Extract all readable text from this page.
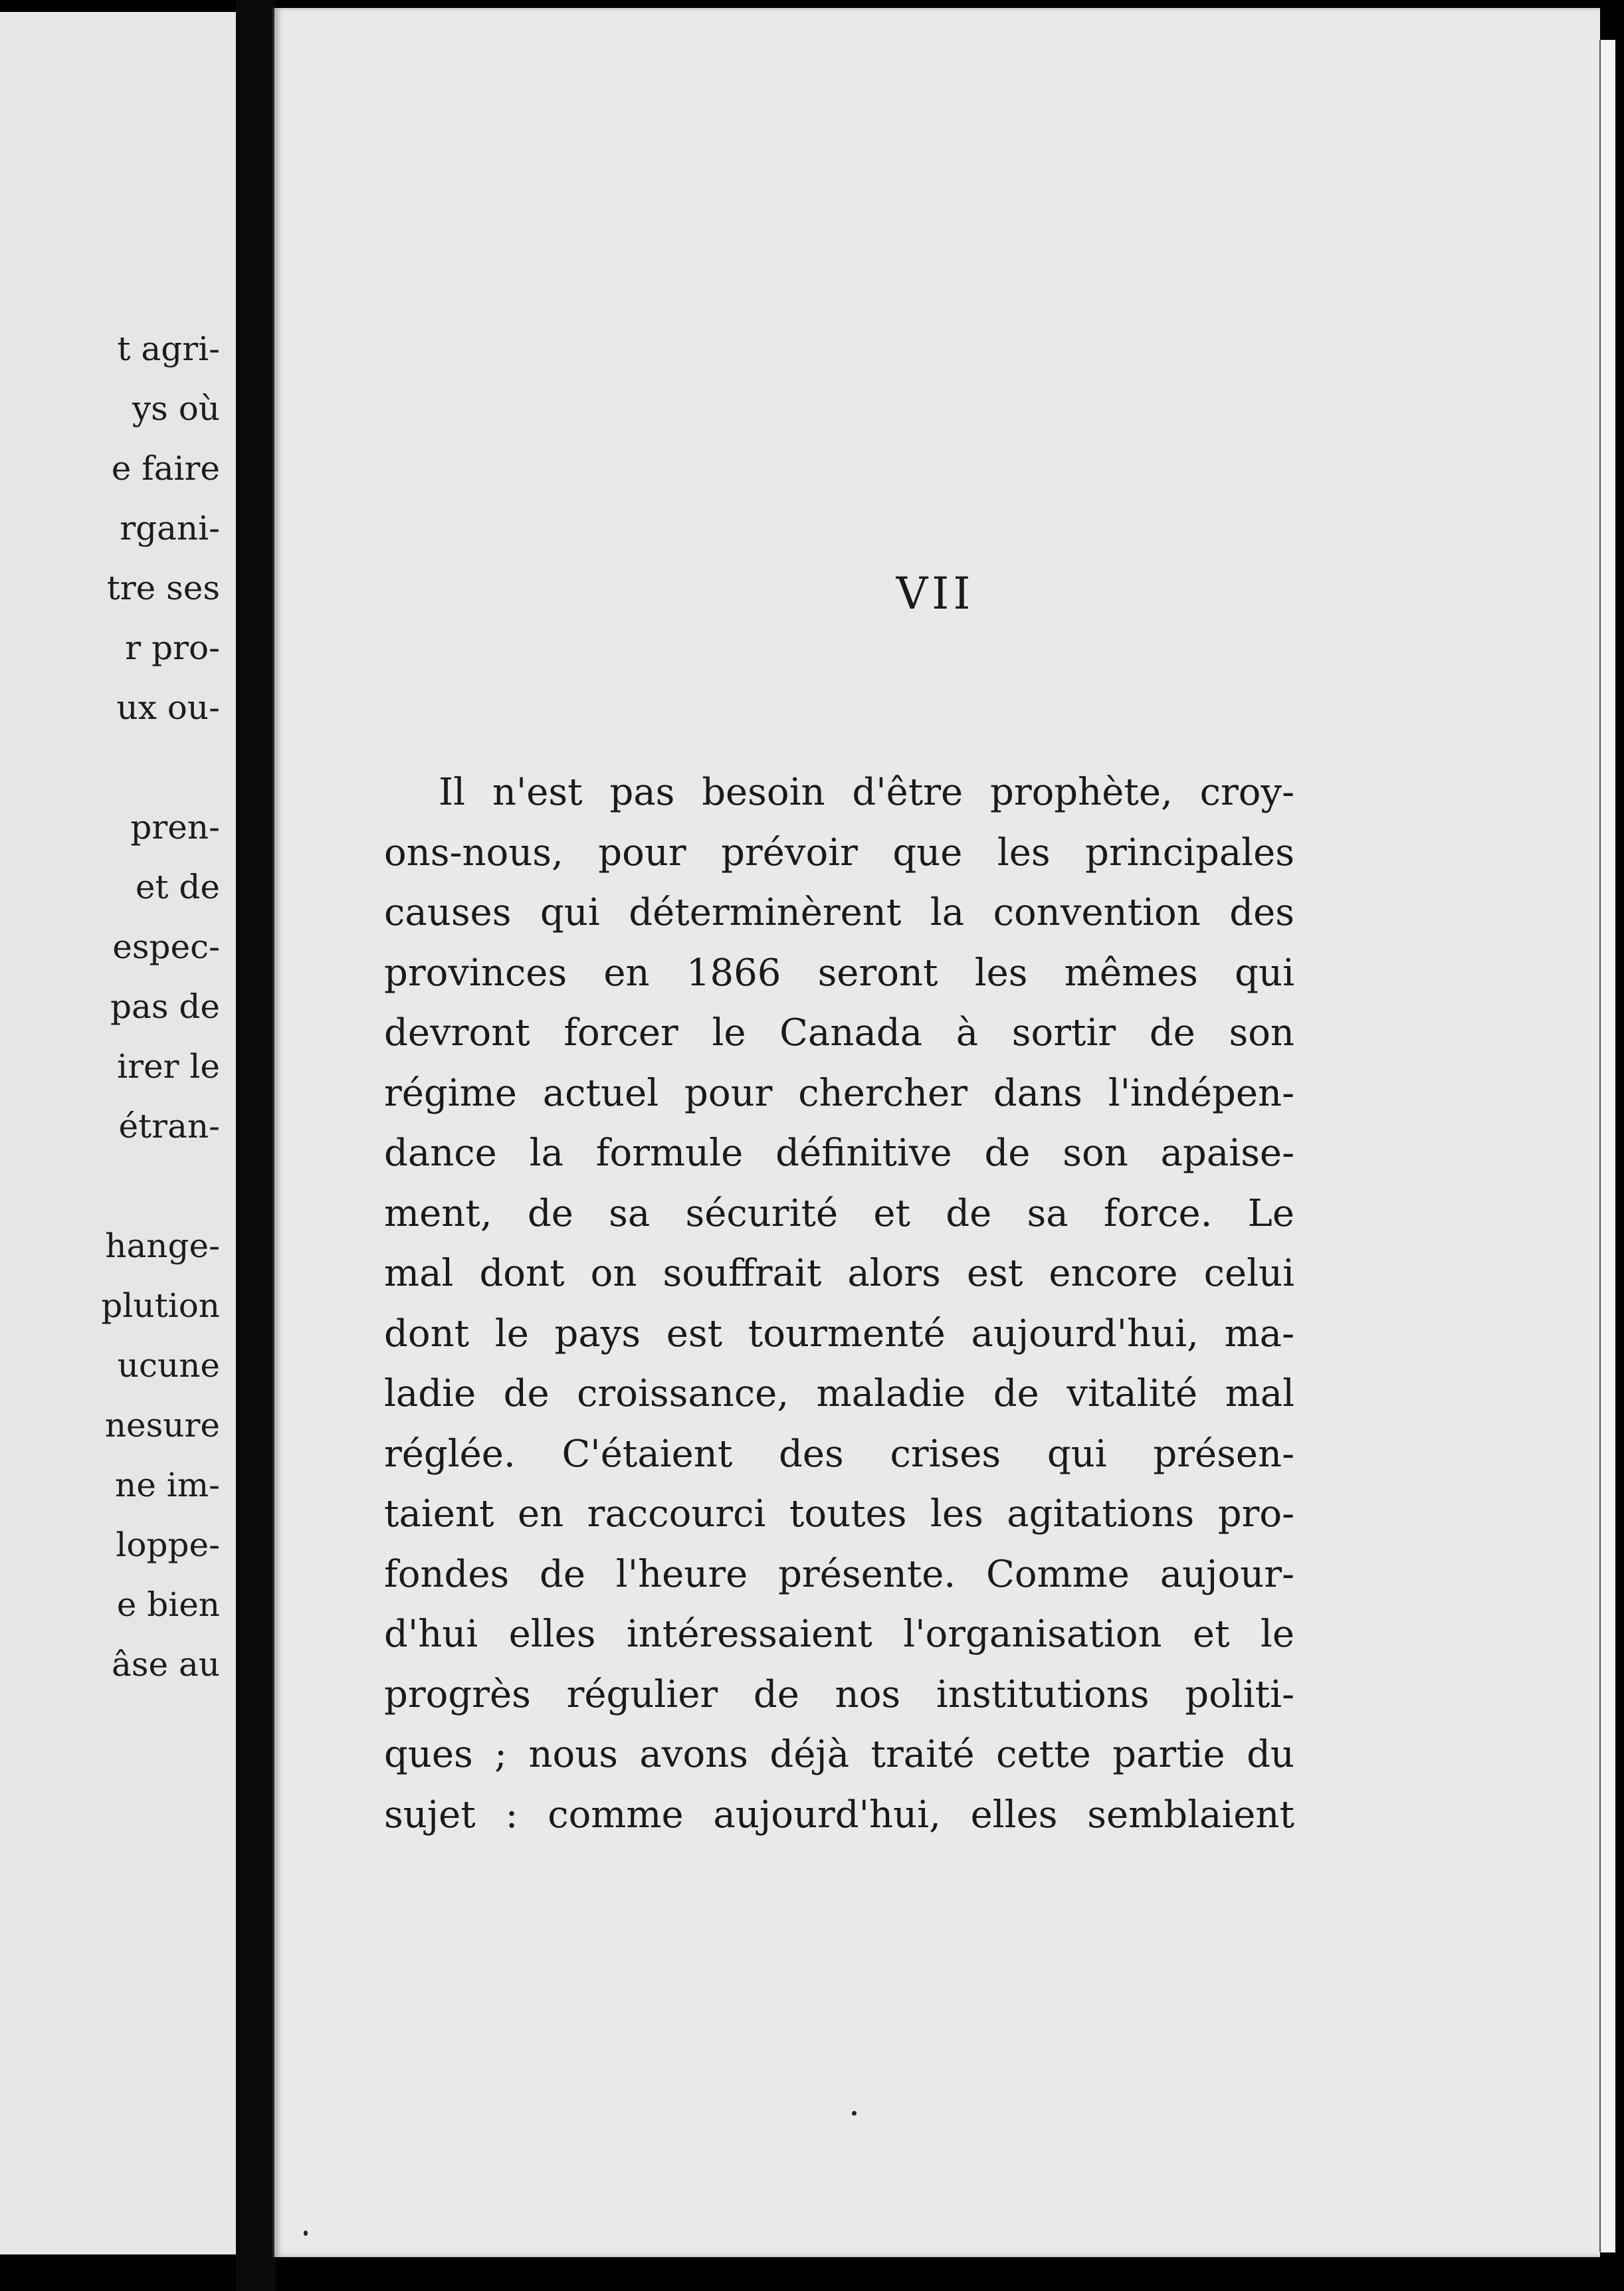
t agri-
ys où
e faire
rgani-
tre ses
r pro-
ux ou-
pren-
et de
espec-
pas de
irer le
étran-
hange-
plution
ucune
nesure
ne im-
loppe-
e bien
âse au
VII
Il n'est pas besoin d'être prophète, croy-
ons-nous, pour prévoir que les principales
causes qui déterminèrent la convention des
provinces en 1866 seront les mêmes qui
devront forcer le Canada à sortir de son
régime actuel pour chercher dans l'indépen-
dance la formule définitive de son apaise-
ment, de sa sécurité et de sa force. Le
mal dont on souffrait alors est encore celui
dont le pays est tourmenté aujourd'hui, ma-
ladie de croissance, maladie de vitalité mal
réglée. C'étaient des crises qui présen-
taient en raccourci toutes les agitations pro-
fondes de l'heure présente. Comme aujour-
d'hui elles intéressaient l'organisation et le
progrès régulier de nos institutions politi-
ques ; nous avons déjà traité cette partie du
sujet : comme aujourd'hui, elles semblaient
